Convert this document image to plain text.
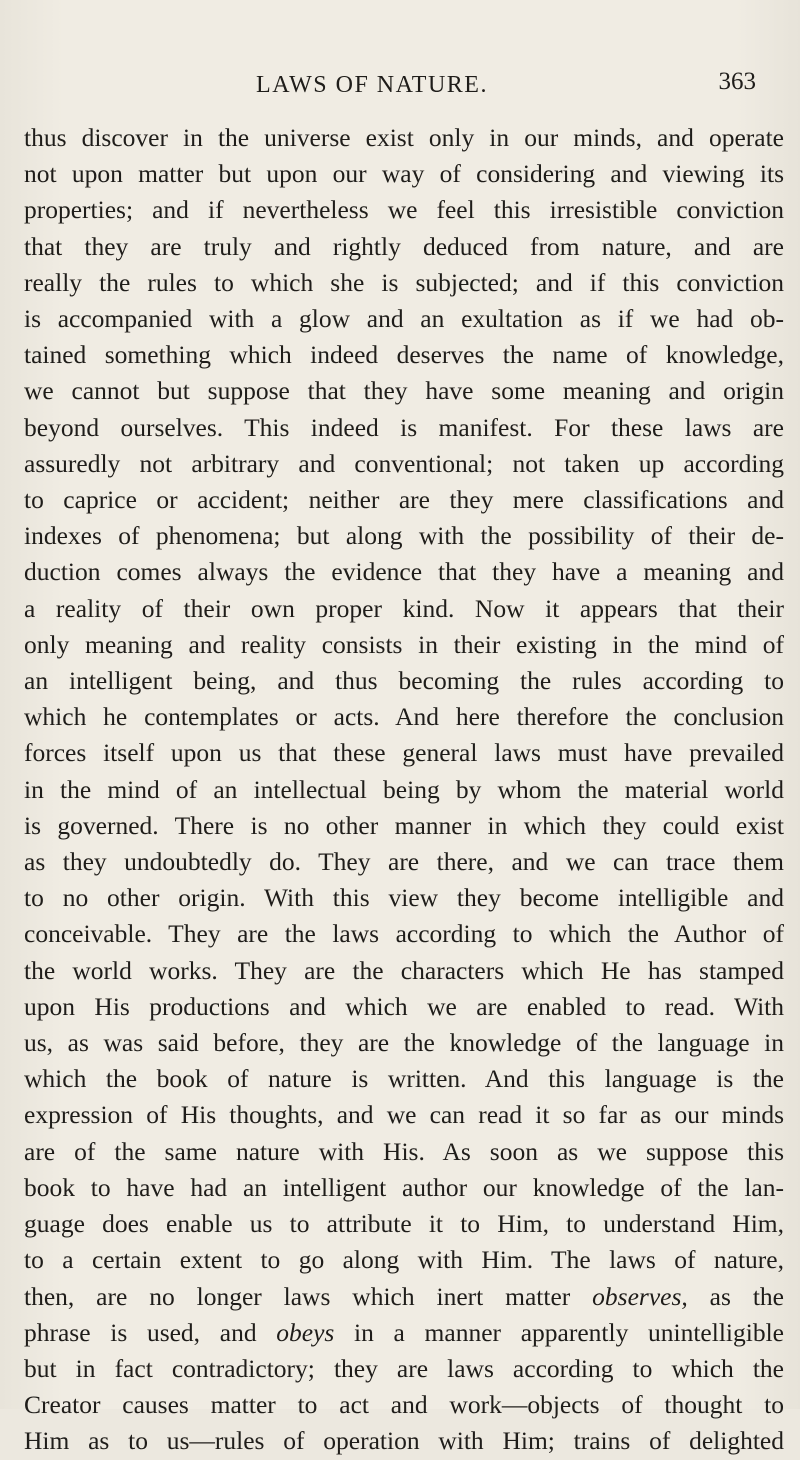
LAWS OF NATURE.	363
thus discover in the universe exist only in our minds, and operate
not upon matter but upon our way of considering and viewing its
properties; and if nevertheless we feel this irresistible conviction
that they are truly and rightly deduced from nature, and are
really the rules to which she is subjected; and if this conviction
is accompanied with a glow and an exultation as if we had ob-
tained something which indeed deserves the name of knowledge,
we cannot but suppose that they have some meaning and origin
beyond ourselves. This indeed is manifest. For these laws are
assuredly not arbitrary and conventional; not taken up according
to caprice or accident; neither are they mere classifications and
indexes of phenomena; but along with the possibility of their de-
duction comes always the evidence that they have a meaning and
a reality of their own proper kind. Now it appears that their
only meaning and reality consists in their existing in the mind of
an intelligent being, and thus becoming the rules according to
which he contemplates or acts. And here therefore the conclusion
forces itself upon us that these general laws must have prevailed
in the mind of an intellectual being by whom the material world
is governed. There is no other manner in which they could exist
as they undoubtedly do. They are there, and we can trace them
to no other origin. With this view they become intelligible and
conceivable. They are the laws according to which the Author of
the world works. They are the characters which He has stamped
upon His productions and which we are enabled to read. With
us, as was said before, they are the knowledge of the language in
which the book of nature is written. And this language is the
expression of His thoughts, and we can read it so far as our minds
are of the same nature with His. As soon as we suppose this
book to have had an intelligent author our knowledge of the lan-
guage does enable us to attribute it to Him, to understand Him,
to a certain extent to go along with Him. The laws of nature,
then, are no longer laws which inert matter observes, as the
phrase is used, and obeys in a manner apparently unintelligible
but in fact contradictory; they are laws according to which the
Creator causes matter to act and work—objects of thought to
Him as to us—rules of operation with Him; trains of delighted
